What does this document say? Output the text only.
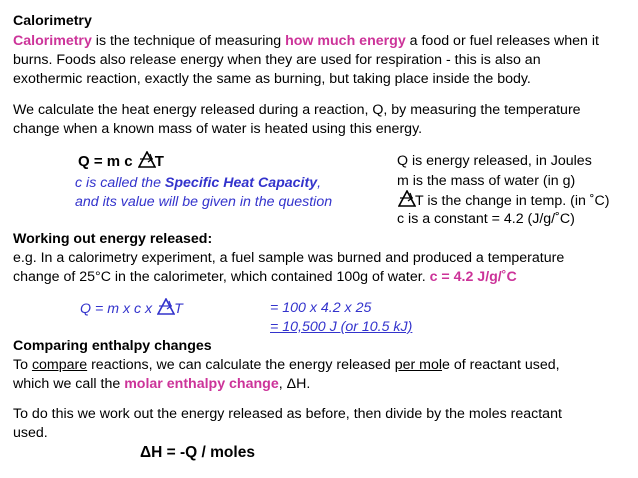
Calorimetry
Calorimetry is the technique of measuring how much energy a food or fuel releases when it
burns. Foods also release energy when they are used for respiration - this is also an
exothermic reaction, exactly the same as burning, but taking place inside the body.
We calculate the heat energy released during a reaction, Q, by measuring the temperature
change when a known mass of water is heated using this energy.
Q = m c T
c is called the Specific Heat Capacity,
and its value will be given in the question
Q is energy released, in Joules
m is the mass of water (in g)
T is the change in temp. (in ˚C)
c is a constant = 4.2 (J/g/˚C)
Working out energy released:
e.g. In a calorimetry experiment, a fuel sample was burned and produced a temperature
change of 25°C in the calorimeter, which contained 100g of water. c = 4.2 J/g/˚C
Q = m x c x T	= 100 x 4.2 x 25
= 10,500 J (or 10.5 kJ)
Comparing enthalpy changes
To compare reactions, we can calculate the energy released per mole of reactant used,
which we call the molar enthalpy change, ΔH.
To do this we work out the energy released as before, then divide by the moles reactant
used.
ΔH = -Q / moles
